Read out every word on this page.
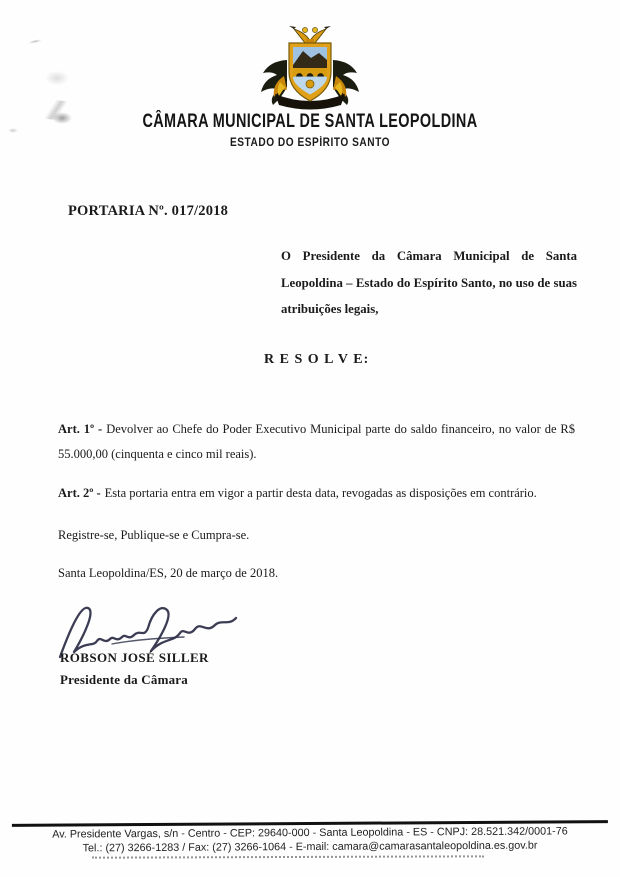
CÂMARA MUNICIPAL DE SANTA LEOPOLDINA
ESTADO DO ESPÍRITO SANTO
PORTARIA Nº. 017/2018
O Presidente da Câmara Municipal de Santa Leopoldina – Estado do Espírito Santo, no uso de suas atribuições legais,
R E S O L V E:

Art. 1º - Devolver ao Chefe do Poder Executivo Municipal parte do saldo financeiro, no valor de R$ 55.000,00 (cinquenta e cinco mil reais).

Art. 2º - Esta portaria entra em vigor a partir desta data, revogadas as disposições em contrário.

Registre-se, Publique-se e Cumpra-se.
Santa Leopoldina/ES, 20 de março de 2018.
ROBSON JOSÉ SILLER
Presidente da Câmara
Av. Presidente Vargas, s/n - Centro - CEP: 29640-000 - Santa Leopoldina - ES - CNPJ: 28.521.342/0001-76
Tel.: (27) 3266-1283 / Fax: (27) 3266-1064 - E-mail: camara@camarasantaleopoldina.es.gov.br
